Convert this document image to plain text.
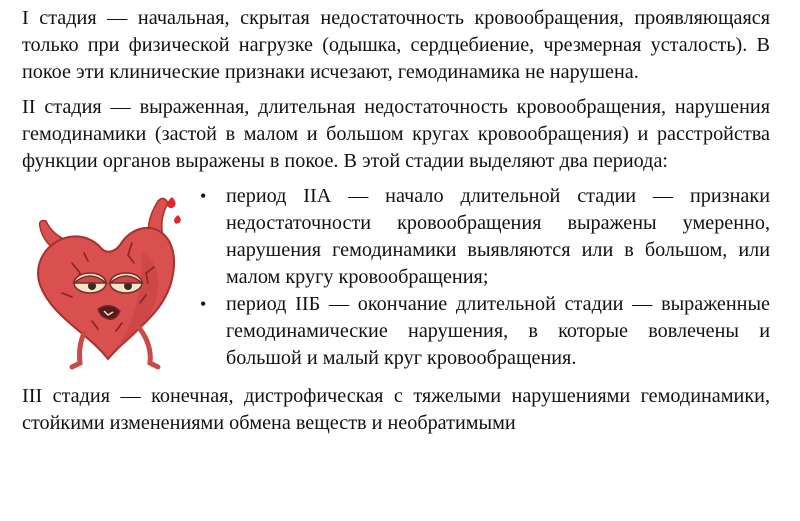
I стадия — начальная, скрытая недостаточность кровообращения, проявляющаяся только при физической нагрузке (одышка, сердцебиение, чрезмерная усталость). В покое эти клинические признаки исчезают, гемодинамика не нарушена.

II стадия — выраженная, длительная недостаточность кровообращения, нарушения гемодинамики (застой в малом и большом кругах кровообращения) и расстройства функции органов выражены в покое. В этой стадии выделяют два периода:

• период IIА — начало длительной стадии — признаки недостаточности кровообращения выражены умеренно, нарушения гемодинамики выявляются или в большом, или малом кругу кровообращения;
• период IIБ — окончание длительной стадии — выраженные гемодинамические нарушения, в которые вовлечены и большой и малый круг кровообращения.

III стадия — конечная, дистрофическая с тяжелыми нарушениями гемодинамики, стойкими изменениями обмена веществ и необратимыми
